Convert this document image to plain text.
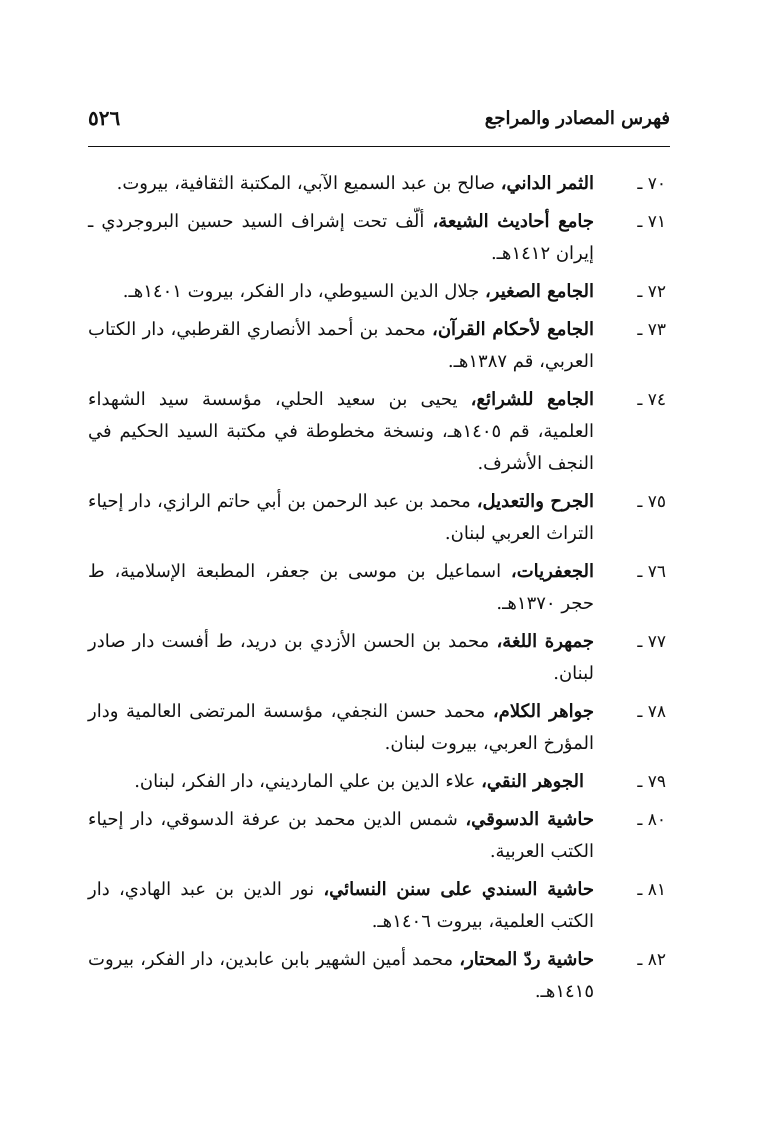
٥٢٦	فهرس المصادر والمراجع
٧٠ ـ
الثمر الداني، صالح بن عبد السميع الآبي، المكتبة الثقافية، بيروت.
٧١ ـ
جامع أحاديث الشيعة، ألّف تحت إشراف السيد حسين البروجردي ـ إيران ١٤١٢هـ.
٧٢ ـ
الجامع الصغير، جلال الدين السيوطي، دار الفكر، بيروت ١٤٠١هـ.
٧٣ ـ
الجامع لأحكام القرآن، محمد بن أحمد الأنصاري القرطبي، دار الكتاب العربي، قم ١٣٨٧هـ.
٧٤ ـ
الجامع للشرائع، يحيى بن سعيد الحلي، مؤسسة سيد الشهداء العلمية، قم ١٤٠٥هـ، ونسخة مخطوطة في مكتبة السيد الحكيم في النجف الأشرف.
٧٥ ـ
الجرح والتعديل، محمد بن عبد الرحمن بن أبي حاتم الرازي، دار إحياء التراث العربي لبنان.
٧٦ ـ
الجعفريات، اسماعيل بن موسى بن جعفر، المطبعة الإسلامية، ط حجر ١٣٧٠هـ.
٧٧ ـ
جمهرة اللغة، محمد بن الحسن الأزدي بن دريد، ط أفست دار صادر لبنان.
٧٨ ـ
جواهر الكلام، محمد حسن النجفي، مؤسسة المرتضى العالمية ودار المؤرخ العربي، بيروت لبنان.
٧٩ ـ
الجوهر النقي، علاء الدين بن علي المارديني، دار الفكر، لبنان.
٨٠ ـ
حاشية الدسوقي، شمس الدين محمد بن عرفة الدسوقي، دار إحياء الكتب العربية.
٨١ ـ
حاشية السندي على سنن النسائي، نور الدين بن عبد الهادي، دار الكتب العلمية، بيروت ١٤٠٦هـ.
٨٢ ـ
حاشية ردّ المحتار، محمد أمين الشهير بابن عابدين، دار الفكر، بيروت ١٤١٥هـ.
